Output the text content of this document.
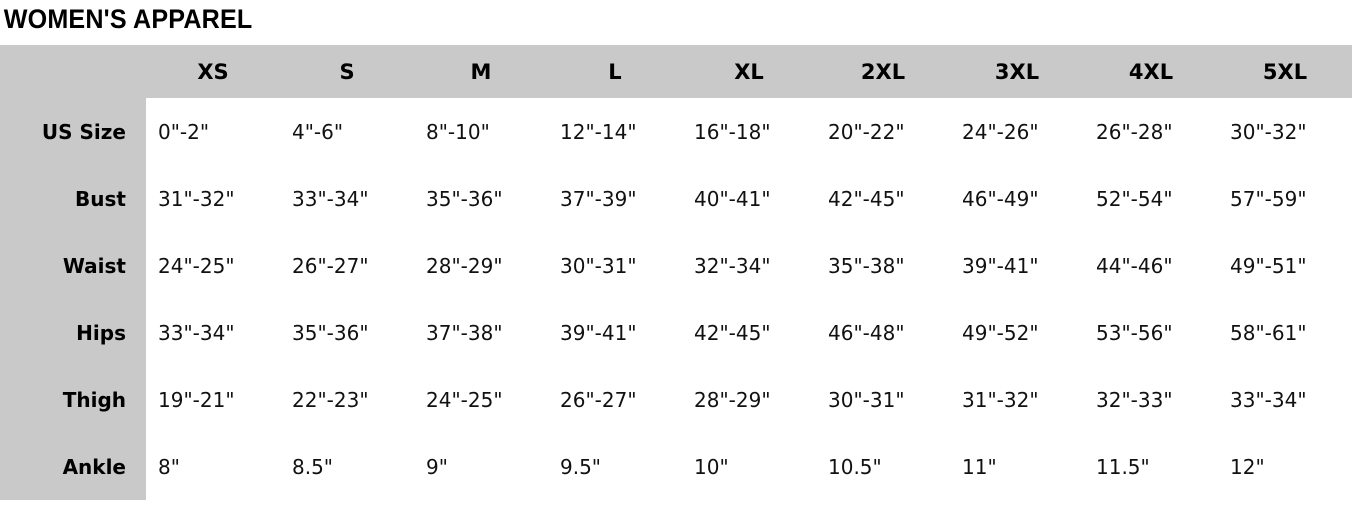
WOMEN'S APPAREL
	XS	S	M	L	XL	2XL	3XL	4XL	5XL
US Size	0"-2"	4"-6"	8"-10"	12"-14"	16"-18"	20"-22"	24"-26"	26"-28"	30"-32"
Bust	31"-32"	33"-34"	35"-36"	37"-39"	40"-41"	42"-45"	46"-49"	52"-54"	57"-59"
Waist	24"-25"	26"-27"	28"-29"	30"-31"	32"-34"	35"-38"	39"-41"	44"-46"	49"-51"
Hips	33"-34"	35"-36"	37"-38"	39"-41"	42"-45"	46"-48"	49"-52"	53"-56"	58"-61"
Thigh	19"-21"	22"-23"	24"-25"	26"-27"	28"-29"	30"-31"	31"-32"	32"-33"	33"-34"
Ankle	8"	8.5"	9"	9.5"	10"	10.5"	11"	11.5"	12"
